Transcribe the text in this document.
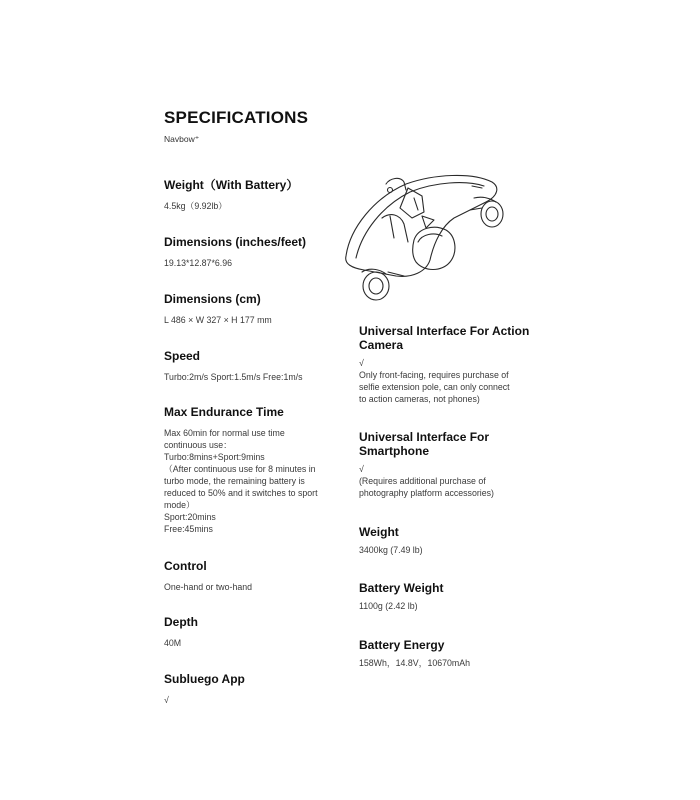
SPECIFICATIONS
Navbow⁺
Weight（With Battery）

4.5kg（9.92lb）

Dimensions (inches/feet)

19.13*12.87*6.96

Dimensions (cm)

L 486 × W 327 × H 177 mm

Speed

Turbo:2m/s Sport:1.5m/s Free:1m/s

Max Endurance Time

Max 60min for normal use time
continuous use：
Turbo:8mins+Sport:9mins
（After continuous use for 8 minutes in
turbo mode, the remaining battery is
reduced to 50% and it switches to sport
mode）
Sport:20mins
Free:45mins

Control

One-hand or two-hand

Depth

40M

Subluego App

√

Universal Interface For Action Camera

√
Only front-facing, requires purchase of
selfie extension pole, can only connect
to action cameras, not phones)

Universal Interface For Smartphone

√
(Requires additional purchase of
photography platform accessories)

Weight

3400kg (7.49 lb)

Battery Weight

1100g (2.42 lb)

Battery Energy

158Wh，14.8V，10670mAh
